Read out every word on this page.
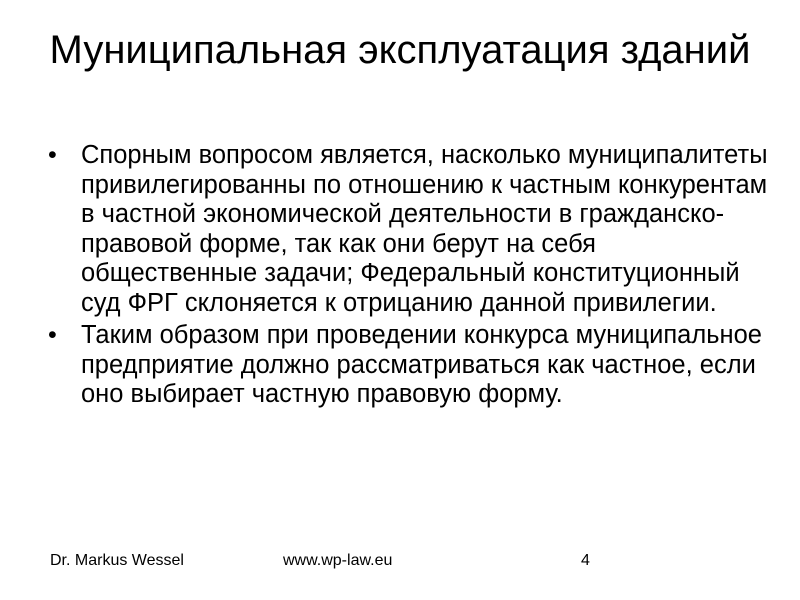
Муниципальная эксплуатация зданий
• Спорным вопросом является, насколько муниципалитеты привилегированны по отношению к частным конкурентам в частной экономической деятельности в гражданско-правовой форме, так как они берут на себя общественные задачи; Федеральный конституционный суд ФРГ склоняется к отрицанию данной привилегии.
• Таким образом при проведении конкурса муниципальное предприятие должно рассматриваться как частное, если оно выбирает частную правовую форму.
Dr. Markus Wessel	www.wp-law.eu	4
